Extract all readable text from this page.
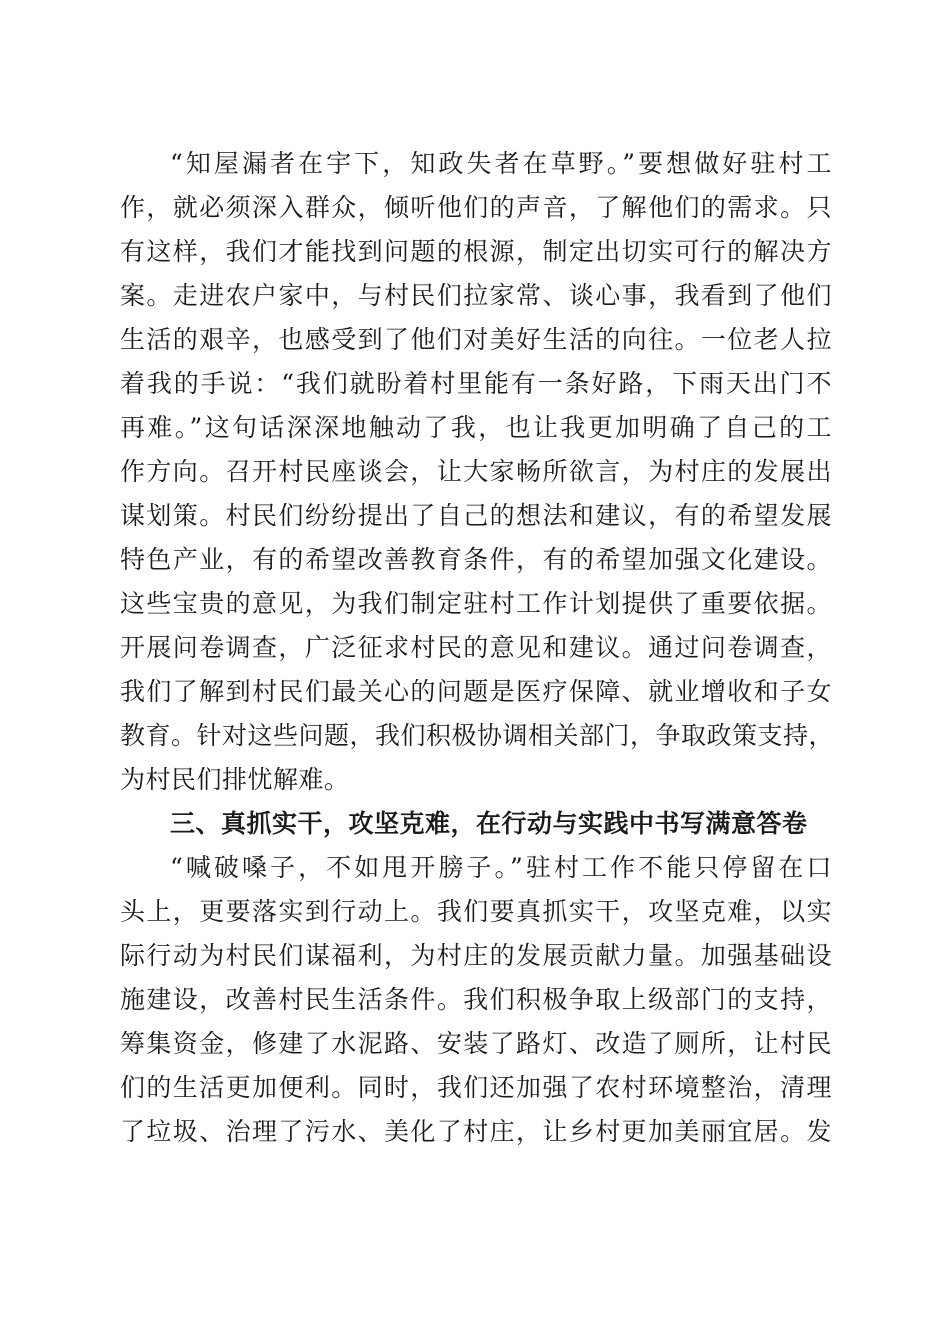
“知屋漏者在宇下，知政失者在草野。”要想做好驻村工
作，就必须深入群众，倾听他们的声音，了解他们的需求。只
有这样，我们才能找到问题的根源，制定出切实可行的解决方
案。走进农户家中，与村民们拉家常、谈心事，我看到了他们
生活的艰辛，也感受到了他们对美好生活的向往。一位老人拉
着我的手说：“我们就盼着村里能有一条好路，下雨天出门不
再难。”这句话深深地触动了我，也让我更加明确了自己的工
作方向。召开村民座谈会，让大家畅所欲言，为村庄的发展出
谋划策。村民们纷纷提出了自己的想法和建议，有的希望发展
特色产业，有的希望改善教育条件，有的希望加强文化建设。
这些宝贵的意见，为我们制定驻村工作计划提供了重要依据。
开展问卷调查，广泛征求村民的意见和建议。通过问卷调查，
我们了解到村民们最关心的问题是医疗保障、就业增收和子女
教育。针对这些问题，我们积极协调相关部门，争取政策支持，
为村民们排忧解难。
三、真抓实干，攻坚克难，在行动与实践中书写满意答卷
“喊破嗓子，不如甩开膀子。”驻村工作不能只停留在口
头上，更要落实到行动上。我们要真抓实干，攻坚克难，以实
际行动为村民们谋福利，为村庄的发展贡献力量。加强基础设
施建设，改善村民生活条件。我们积极争取上级部门的支持，
筹集资金，修建了水泥路、安装了路灯、改造了厕所，让村民
们的生活更加便利。同时，我们还加强了农村环境整治，清理
了垃圾、治理了污水、美化了村庄，让乡村更加美丽宜居。发
